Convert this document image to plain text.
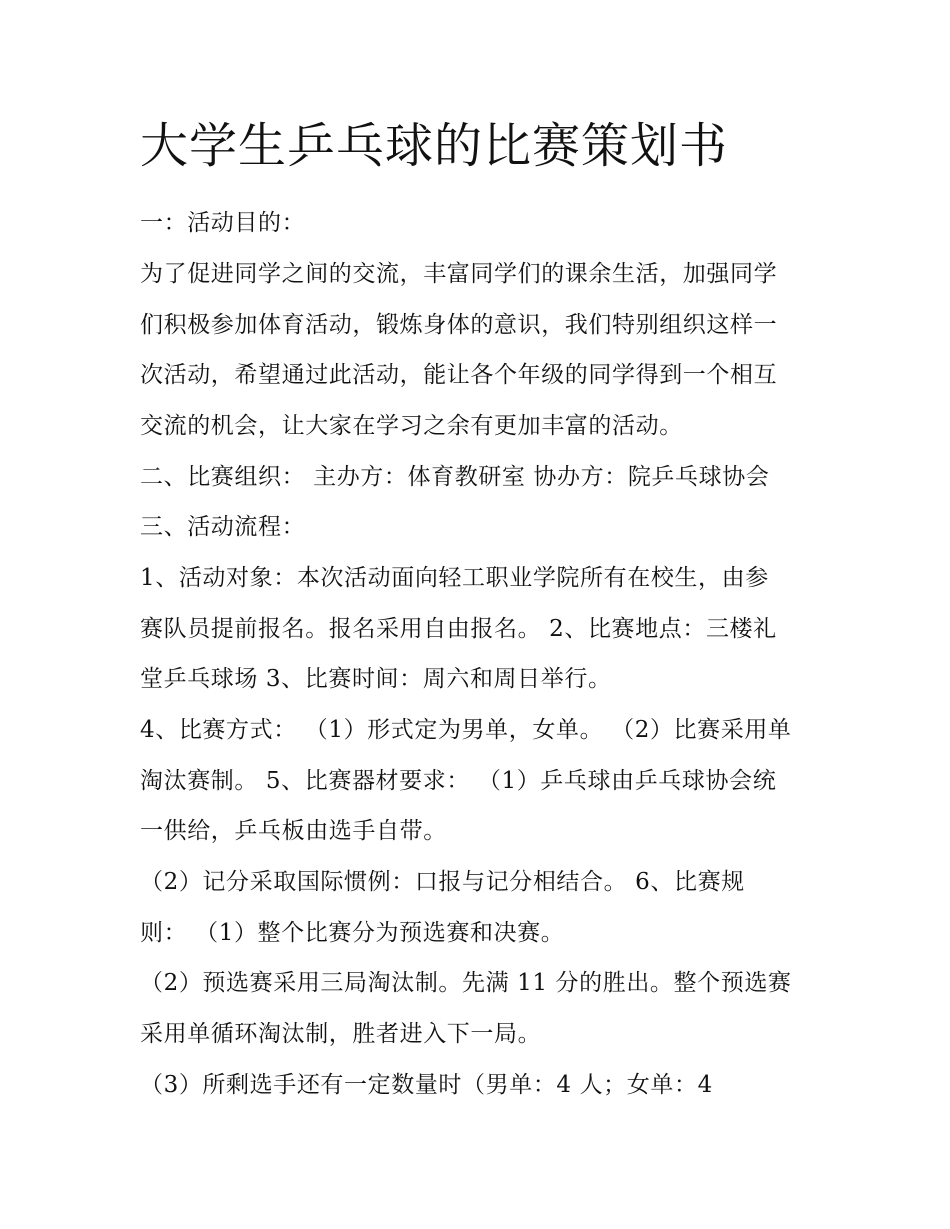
大学生乒乓球的比赛策划书
一：活动目的：
为了促进同学之间的交流，丰富同学们的课余生活，加强同学
们积极参加体育活动，锻炼身体的意识，我们特别组织这样一
次活动，希望通过此活动，能让各个年级的同学得到一个相互
交流的机会，让大家在学习之余有更加丰富的活动。
二、比赛组织： 主办方：体育教研室 协办方：院乒乓球协会
三、活动流程：
1、活动对象：本次活动面向轻工职业学院所有在校生，由参
赛队员提前报名。报名采用自由报名。 2、比赛地点：三楼礼
堂乒乓球场 3、比赛时间：周六和周日举行。
4、比赛方式： （1）形式定为男单，女单。 （2）比赛采用单
淘汰赛制。 5、比赛器材要求： （1）乒乓球由乒乓球协会统
一供给，乒乓板由选手自带。
（2）记分采取国际惯例：口报与记分相结合。 6、比赛规
则： （1）整个比赛分为预选赛和决赛。
（2）预选赛采用三局淘汰制。先满 11 分的胜出。整个预选赛
采用单循环淘汰制，胜者进入下一局。
（3）所剩选手还有一定数量时（男单：4 人；女单：4
